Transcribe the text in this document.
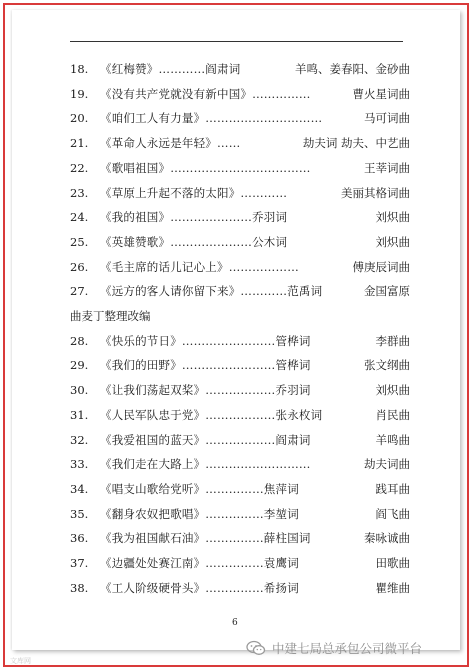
18. 《红梅赞》…………阎肃词	羊鸣、姜春阳、金砂曲
19. 《没有共产党就没有新中国》……………	曹火星词曲
20. 《咱们工人有力量》…………………………	马可词曲
21. 《革命人永远是年轻》……	劫夫词 劫夫、中艺曲
22. 《歌唱祖国》………………………………	王莘词曲
23. 《草原上升起不落的太阳》…………	美丽其格词曲
24. 《我的祖国》…………………乔羽词	刘炽曲
25. 《英雄赞歌》…………………公木词	刘炽曲
26. 《毛主席的话儿记心上》………………	傅庚辰词曲
27. 《远方的客人请你留下来》…………范禹词	金国富原
曲麦丁整理改编
28. 《快乐的节日》……………………管桦词	李群曲
29. 《我们的田野》……………………管桦词	张文纲曲
30. 《让我们荡起双桨》………………乔羽词	刘炽曲
31. 《人民军队忠于党》………………张永枚词	肖民曲
32. 《我爱祖国的蓝天》………………阎肃词	羊鸣曲
33. 《我们走在大路上》………………………	劫夫词曲
34. 《唱支山歌给党听》……………焦萍词	践耳曲
35. 《翻身农奴把歌唱》……………李堃词	阎飞曲
36. 《我为祖国献石油》……………薛柱国词	秦咏诚曲
37. 《边疆处处赛江南》……………袁鹰词	田歌曲
38. 《工人阶级硬骨头》……………希扬词	瞿维曲
6
中建七局总承包公司微平台
文库网
